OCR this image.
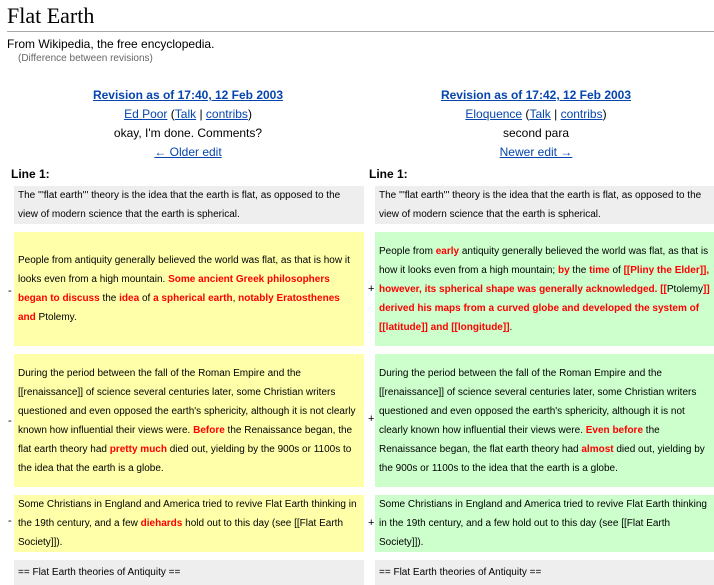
Flat Earth
From Wikipedia, the free encyclopedia.
(Difference between revisions)
Revision as of 17:40, 12 Feb 2003
Ed Poor (Talk | contribs)
okay, I'm done. Comments?
← Older edit
Revision as of 17:42, 12 Feb 2003
Eloquence (Talk | contribs)
second para
Newer edit →
Line 1:	Line 1:
The '''flat earth''' theory is the idea that the earth is flat, as opposed to the view of modern science that the earth is spherical.
The '''flat earth''' theory is the idea that the earth is flat, as opposed to the view of modern science that the earth is spherical.
-
People from antiquity generally believed the world was flat, as that is how it looks even from a high mountain. Some ancient Greek philosophers began to discuss the idea of a spherical earth, notably Eratosthenes and Ptolemy.
+
People from early antiquity generally believed the world was flat, as that is how it looks even from a high mountain; by the time of [[Pliny the Elder]], however, its spherical shape was generally acknowledged. [[Ptolemy]] derived his maps from a curved globe and developed the system of [[latitude]] and [[longitude]].
-
During the period between the fall of the Roman Empire and the [[renaissance]] of science several centuries later, some Christian writers questioned and even opposed the earth's sphericity, although it is not clearly known how influential their views were. Before the Renaissance began, the flat earth theory had pretty much died out, yielding by the 900s or 1100s to the idea that the earth is a globe.
+
During the period between the fall of the Roman Empire and the [[renaissance]] of science several centuries later, some Christian writers questioned and even opposed the earth's sphericity, although it is not clearly known how influential their views were. Even before the Renaissance began, the flat earth theory had almost died out, yielding by the 900s or 1100s to the idea that the earth is a globe.
-
Some Christians in England and America tried to revive Flat Earth thinking in the 19th century, and a few diehards hold out to this day (see [[Flat Earth Society]]).
+
Some Christians in England and America tried to revive Flat Earth thinking in the 19th century, and a few hold out to this day (see [[Flat Earth Society]]).
== Flat Earth theories of Antiquity ==	== Flat Earth theories of Antiquity ==
